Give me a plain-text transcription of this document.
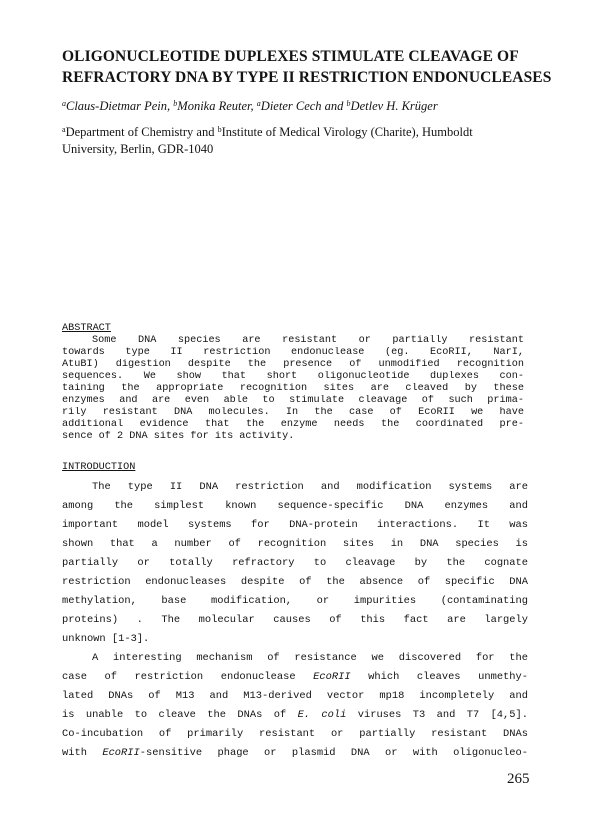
OLIGONUCLEOTIDE DUPLEXES STIMULATE CLEAVAGE OF
REFRACTORY DNA BY TYPE II RESTRICTION ENDONUCLEASES
$^a$Claus-Dietmar Pein, $^b$Monika Reuter, $^a$Dieter Cech and $^b$Detlev H. Krüger
$^a$Department of Chemistry and $^b$Institute of Medical Virology (Charite), Humboldt
University, Berlin, GDR-1040
ABSTRACT
Some DNA species are resistant or partially resistant
towards type II restriction endonuclease (eg. EcoRII, NarI,
AtuBI) digestion despite the presence of unmodified recognition
sequences. We show that short oligonucleotide duplexes con-
taining the appropriate recognition sites are cleaved by these
enzymes and are even able to stimulate cleavage of such prima-
rily resistant DNA molecules. In the case of EcoRII we have
additional evidence that the enzyme needs the coordinated pre-
sence of 2 DNA sites for its activity.
INTRODUCTION
The type II DNA restriction and modification systems are
among the simplest known sequence-specific DNA enzymes and
important model systems for DNA-protein interactions. It was
shown that a number of recognition sites in DNA species is
partially or totally refractory to cleavage by the cognate
restriction endonucleases despite of the absence of specific DNA
methylation, base modification, or impurities (contaminating
proteins) . The molecular causes of this fact are largely
unknown [1-3].
A interesting mechanism of resistance we discovered for the
case of restriction endonuclease EcoRII which cleaves unmethy-
lated DNAs of M13 and M13-derived vector mp18 incompletely and
is unable to cleave the DNAs of E. coli viruses T3 and T7 [4,5].
Co-incubation of primarily resistant or partially resistant DNAs
with EcoRII-sensitive phage or plasmid DNA or with oligonucleo-
265
